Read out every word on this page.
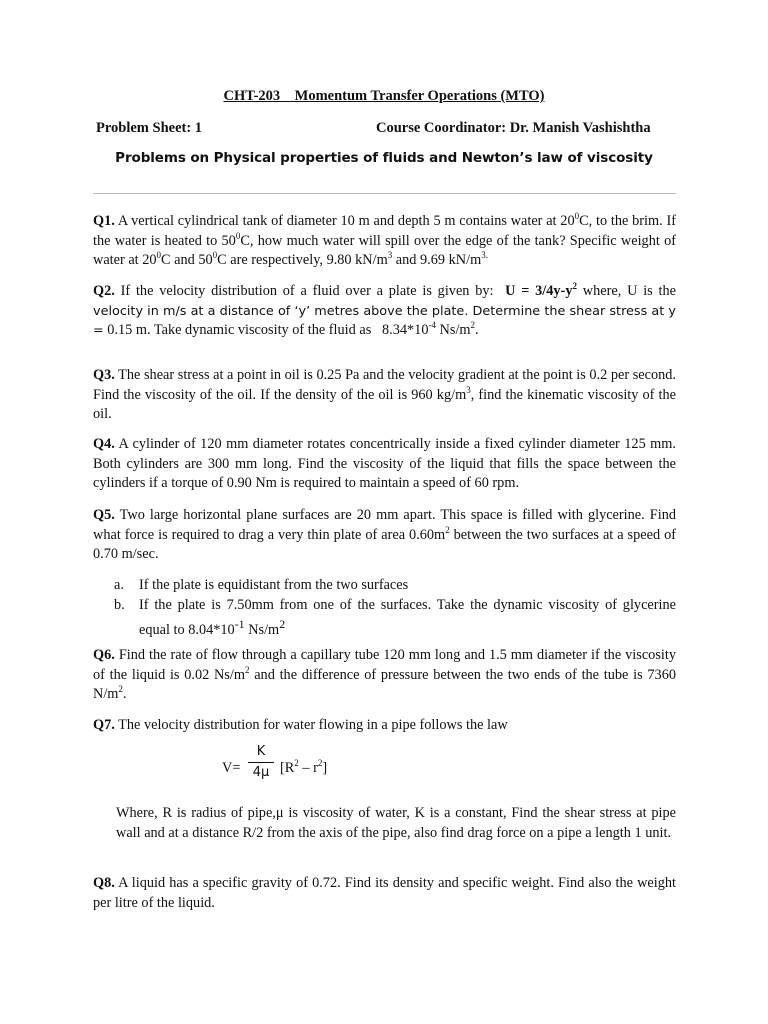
CHT-203    Momentum Transfer Operations (MTO)
Problem Sheet: 1	Course Coordinator: Dr. Manish Vashishtha
Problems on Physical properties of fluids and Newton’s law of viscosity
Q1. A vertical cylindrical tank of diameter 10 m and depth 5 m contains water at $20^0C$, to the brim. If the water is heated to $50^0C$, how much water will spill over the edge of the tank? Specific weight of water at $20^0C$ and $50^0C$ are respectively, 9.80 $kN/m^3$ and 9.69 $kN/m^{3.}$
Q2. If the velocity distribution of a fluid over a plate is given by:  $U = 3/4y-y^2$ where, U is the velocity in m/s at a distance of ‘y’ metres above the plate. Determine the shear stress at y = 0.15 m. Take dynamic viscosity of the fluid as   $8.34*10^{-4}$ $Ns/m^2$.
Q3. The shear stress at a point in oil is 0.25 Pa and the velocity gradient at the point is 0.2 per second. Find the viscosity of the oil. If the density of the oil is 960 $kg/m^3$, find the kinematic viscosity of the oil.
Q4. A cylinder of 120 mm diameter rotates concentrically inside a fixed cylinder diameter 125 mm. Both cylinders are 300 mm long. Find the viscosity of the liquid that fills the space between the cylinders if a torque of 0.90 Nm is required to maintain a speed of 60 rpm.
Q5. Two large horizontal plane surfaces are 20 mm apart. This space is filled with glycerine. Find what force is required to drag a very thin plate of area $0.60m^2$ between the two surfaces at a speed of 0.70 m/sec.
a. If the plate is equidistant from the two surfaces
b. If the plate is 7.50mm from one of the surfaces. Take the dynamic viscosity of glycerine equal to $8.04*10^{-1}$ $Ns/m^2$
Q6. Find the rate of flow through a capillary tube 120 mm long and 1.5 mm diameter if the viscosity of the liquid is 0.02 $Ns/m^2$ and the difference of pressure between the two ends of the tube is 7360 $N/m^2$.
Q7. The velocity distribution for water flowing in a pipe follows the law
V=
K
4μ $[R^2 - r^2]$
Where, R is radius of pipe,μ is viscosity of water, K is a constant, Find the shear stress at pipe wall and at a distance R/2 from the axis of the pipe, also find drag force on a pipe a length 1 unit.
Q8. A liquid has a specific gravity of 0.72. Find its density and specific weight. Find also the weight per litre of the liquid.
